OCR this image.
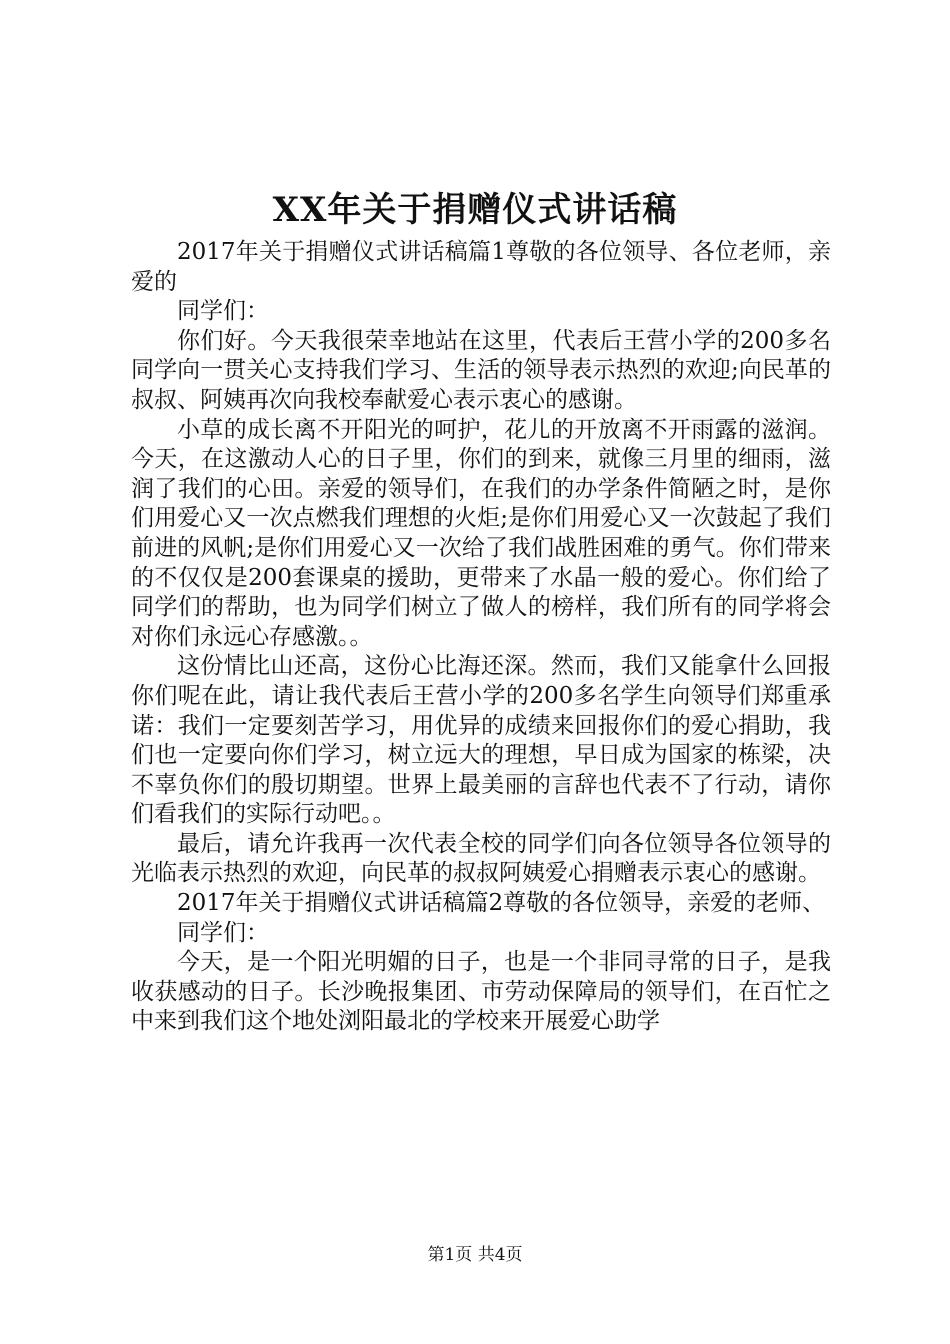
XX年关于捐赠仪式讲话稿

2017年关于捐赠仪式讲话稿篇1尊敬的各位领导、各位老师，亲爱的

同学们：

你们好。今天我很荣幸地站在这里，代表后王营小学的200多名同学向一贯关心支持我们学习、生活的领导表示热烈的欢迎;向民革的叔叔、阿姨再次向我校奉献爱心表示衷心的感谢。

小草的成长离不开阳光的呵护，花儿的开放离不开雨露的滋润。今天，在这激动人心的日子里，你们的到来，就像三月里的细雨，滋润了我们的心田。亲爱的领导们，在我们的办学条件简陋之时，是你们用爱心又一次点燃我们理想的火炬;是你们用爱心又一次鼓起了我们前进的风帆;是你们用爱心又一次给了我们战胜困难的勇气。你们带来的不仅仅是200套课桌的援助，更带来了水晶一般的爱心。你们给了同学们的帮助，也为同学们树立了做人的榜样，我们所有的同学将会对你们永远心存感激。。

这份情比山还高，这份心比海还深。然而，我们又能拿什么回报你们呢在此，请让我代表后王营小学的200多名学生向领导们郑重承诺：我们一定要刻苦学习，用优异的成绩来回报你们的爱心捐助，我们也一定要向你们学习，树立远大的理想，早日成为国家的栋梁，决不辜负你们的殷切期望。世界上最美丽的言辞也代表不了行动，请你们看我们的实际行动吧。。

最后，请允许我再一次代表全校的同学们向各位领导各位领导的光临表示热烈的欢迎，向民革的叔叔阿姨爱心捐赠表示衷心的感谢。

2017年关于捐赠仪式讲话稿篇2尊敬的各位领导，亲爱的老师、

同学们：

今天，是一个阳光明媚的日子，也是一个非同寻常的日子，是我收获感动的日子。长沙晚报集团、市劳动保障局的领导们，在百忙之中来到我们这个地处浏阳最北的学校来开展爱心助学

第1页 共4页
